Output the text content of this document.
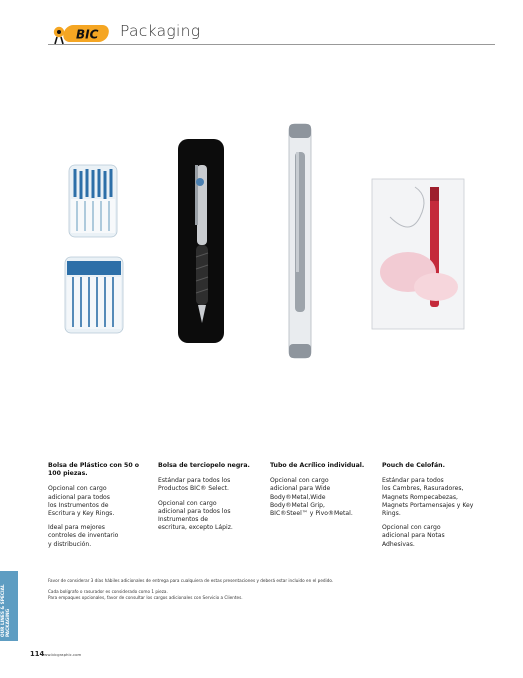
BIC Packaging
Bolsa de Plástico con 50 o 100 piezas.

Opcional con cargo
adicional para todos
los Instrumentos de
Escritura y Key Rings.

Ideal para mejores
controles de inventario
y distribución.

Bolsa de terciopelo negra.

Estándar para todos los
Productos BIC® Select.

Opcional con cargo
adicional para todos los
Instrumentos de
escritura, excepto Lápiz.

Tubo de Acrílico individual.

Opcional con cargo
adicional para Wide
Body®Metal,Wide
Body®Metal Grip,
BIC®Steel™ y Pivo®Metal.

Pouch de Celofán.

Estándar para todos
los Cambres, Rasuradores,
Magnets Rompecabezas,
Magnets Portamensajes y Key
Rings.

Opcional con cargo
adicional para Notas
Adhesivas.

Favor de considerar 3 días hábiles adicionales de entrega para cualquiera de estas presentaciones y deberá estar incluido en el pedido.

Cada bolígrafo o rasurador es considerado como 1 pieza.
Para empaques opcionales, favor de consultar los cargos adicionales con Servicio a Clientes.

OUR LINES & SPECIAL
PACKAGING
114
www.bicgraphic.com
